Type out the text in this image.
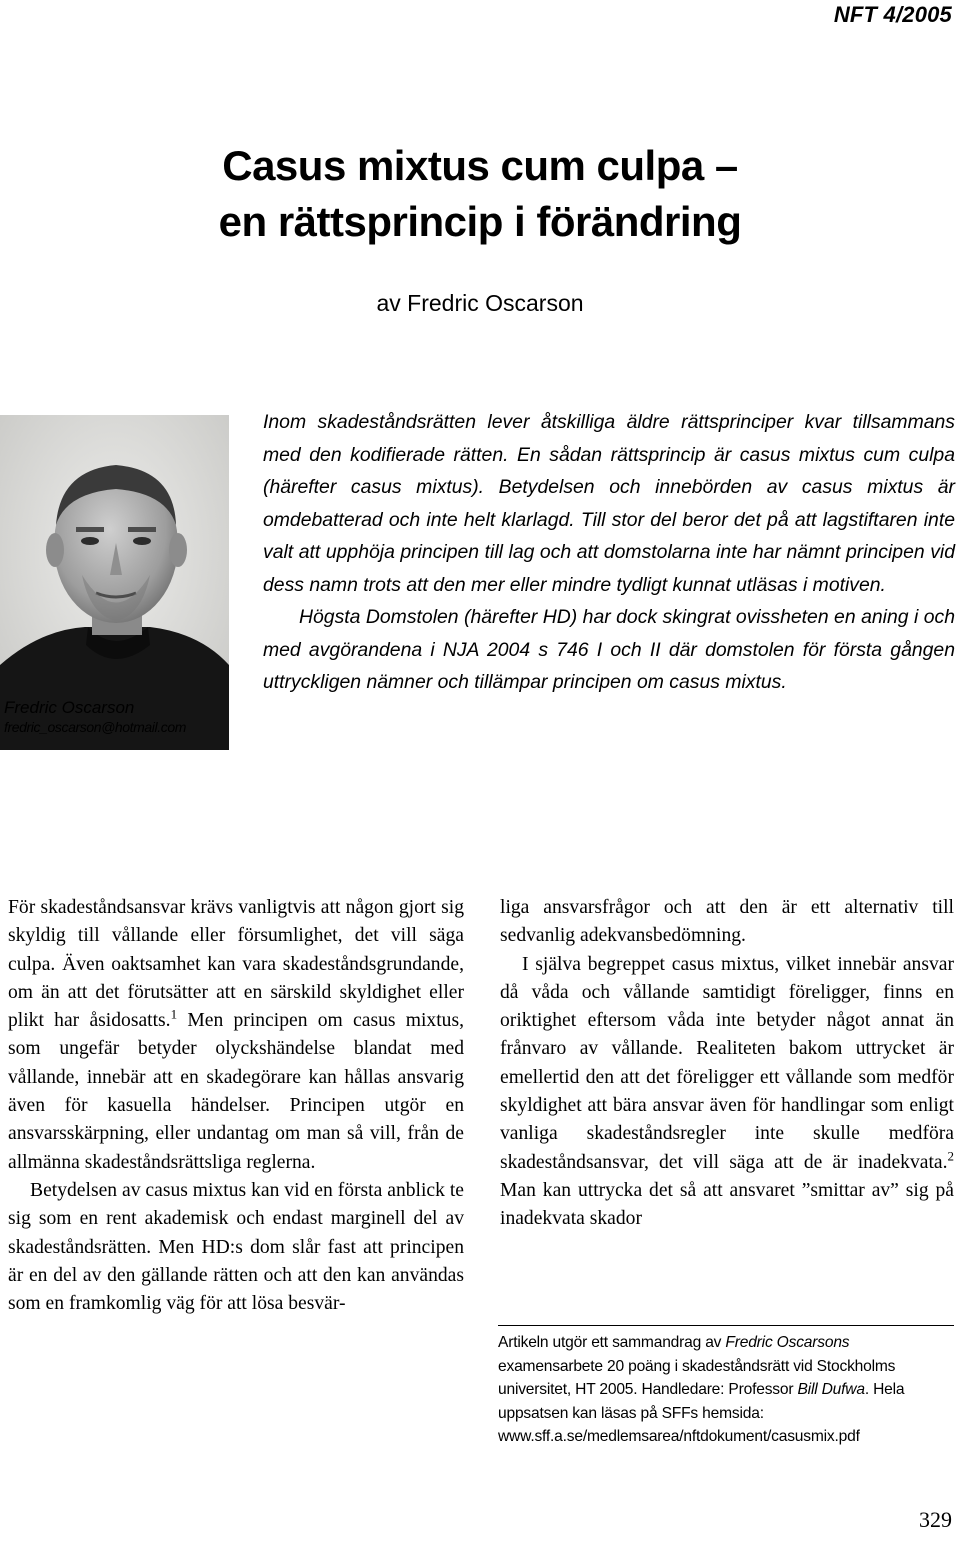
NFT 4/2005
Casus mixtus cum culpa –
en rättsprincip i förändring
av Fredric Oscarson
Fredric Oscarson
fredric_oscarson@hotmail.com

Inom skadeståndsrätten lever åtskilliga äldre rättsprinciper kvar tillsammans med den kodifierade rätten. En sådan rättsprincip är casus mixtus cum culpa (härefter casus mixtus). Betydelsen och innebörden av casus mixtus är omdebatterad och inte helt klarlagd. Till stor del beror det på att lagstiftaren inte valt att upphöja principen till lag och att domstolarna inte har nämnt principen vid dess namn trots att den mer eller mindre tydligt kunnat utläsas i motiven.

Högsta Domstolen (härefter HD) har dock skingrat ovissheten en aning i och med avgörandena i NJA 2004 s 746 I och II där domstolen för första gången uttryckligen nämner och tillämpar principen om casus mixtus.

För skadeståndsansvar krävs vanligtvis att någon gjort sig skyldig till vållande eller försumlighet, det vill säga culpa. Även oaktsamhet kan vara skadeståndsgrundande, om än att det förutsätter att en särskild skyldighet eller plikt har åsidosatts.$^1$ Men principen om casus mixtus, som ungefär betyder olyckshändelse blandat med vållande, innebär att en skadegörare kan hållas ansvarig även för kasuella händelser. Principen utgör en ansvarsskärpning, eller undantag om man så vill, från de allmänna skadeståndsrättsliga reglerna.

Betydelsen av casus mixtus kan vid en första anblick te sig som en rent akademisk och endast marginell del av skadeståndsrätten. Men HD:s dom slår fast att principen är en del av den gällande rätten och att den kan användas som en framkomlig väg för att lösa besvär-

liga ansvarsfrågor och att den är ett alternativ till sedvanlig adekvansbedömning.

I själva begreppet casus mixtus, vilket innebär ansvar då våda och vållande samtidigt föreligger, finns en oriktighet eftersom våda inte betyder något annat än frånvaro av vållande. Realiteten bakom uttrycket är emellertid den att det föreligger ett vållande som medför skyldighet att bära ansvar även för handlingar som enligt vanliga skadeståndsregler inte skulle medföra skadeståndsansvar, det vill säga att de är inadekvata.$^2$ Man kan uttrycka det så att ansvaret ”smittar av” sig på inadekvata skador

Artikeln utgör ett sammandrag av Fredric Oscarsons examensarbete 20 poäng i skadeståndsrätt vid Stockholms universitet, HT 2005. Handledare: Professor Bill Dufwa. Hela uppsatsen kan läsas på SFFs hemsida: www.sff.a.se/medlemsarea/nftdokument/casusmix.pdf
329
